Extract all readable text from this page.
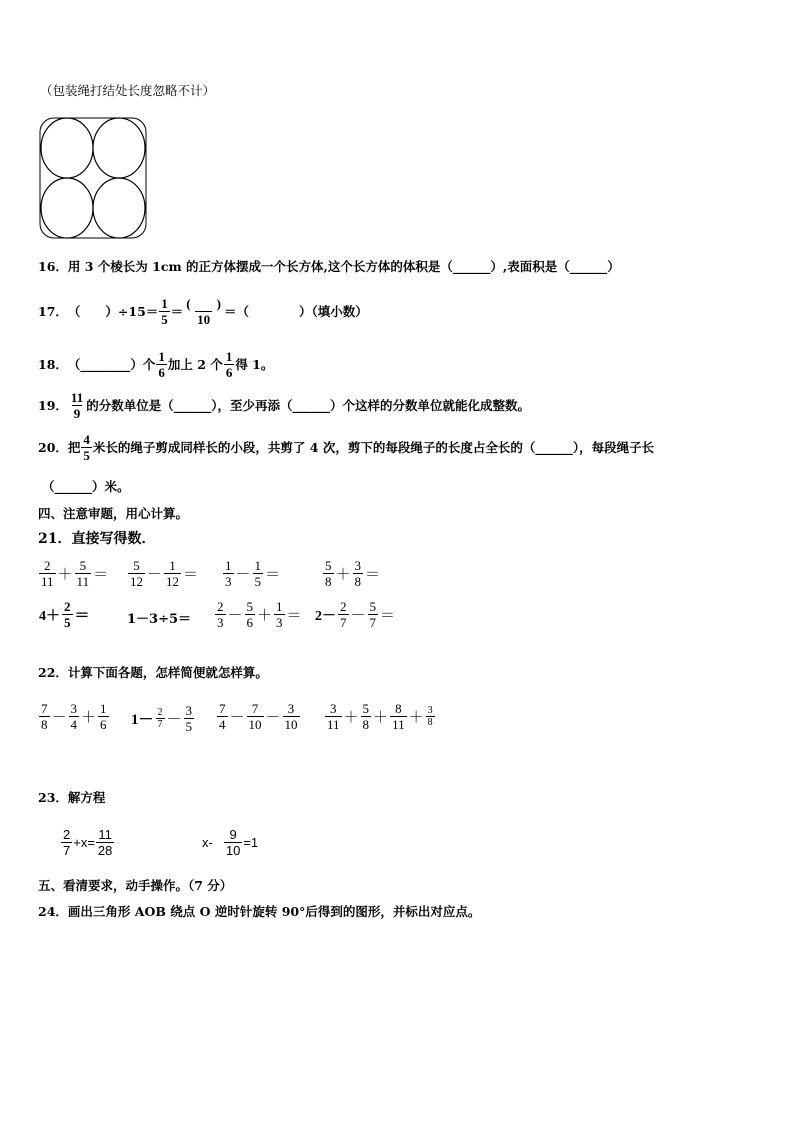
（包装绳打结处长度忽略不计）
16．用 3 个棱长为 1cm 的正方体摆成一个长方体,这个长方体的体积是（______）,表面积是（______）
17． （　　）$\div 15= \frac{1}{5} = \frac{( )}{10}$ ＝（　　　　）（填小数）
18． （________）个 $\frac{1}{6}$ 加上 2 个 $\frac{1}{6}$ 得 1。
19． $\frac{11}{9}$ 的分数单位是（______），至少再添（______）个这样的分数单位就能化成整数。
20． 把 $\frac{4}{5}$ 米长的绳子剪成同样长的小段，共剪了 4 次，剪下的每段绳子的长度占全长的（______），每段绳子长
（______）米。
四、注意审题，用心计算。
21．直接写得数．
$\frac{2}{11} + \frac{5}{11} = \frac{5}{12} - \frac{1}{12} = \frac{1}{3} - \frac{1}{5}$ ＝	$\frac{5}{8} + \frac{3}{8}$ ＝
$4+ \frac{2}{5}$ ＝	$1-3\div 5= \frac{2}{3} - \frac{5}{6} + \frac{1}{3} = 2- \frac{2}{7} - \frac{5}{7}$ ＝
22．计算下面各题，怎样简便就怎样算。
$\frac{7}{8} - \frac{3}{4} + \frac{1}{6} 1- \frac{2}{7} - \frac{3}{5} \frac{7}{4} - \frac{7}{10} - \frac{3}{10} \frac{3}{11} + \frac{5}{8} + \frac{8}{11} + \frac{3}{8}$
23．解方程
$\frac{2}{7} +x= \frac{11}{28}$	$x- \frac{9}{10} =1$
五、看清要求，动手操作。（7 分）
24．画出三角形 AOB 绕点 O 逆时针旋转 90°后得到的图形，并标出对应点。
